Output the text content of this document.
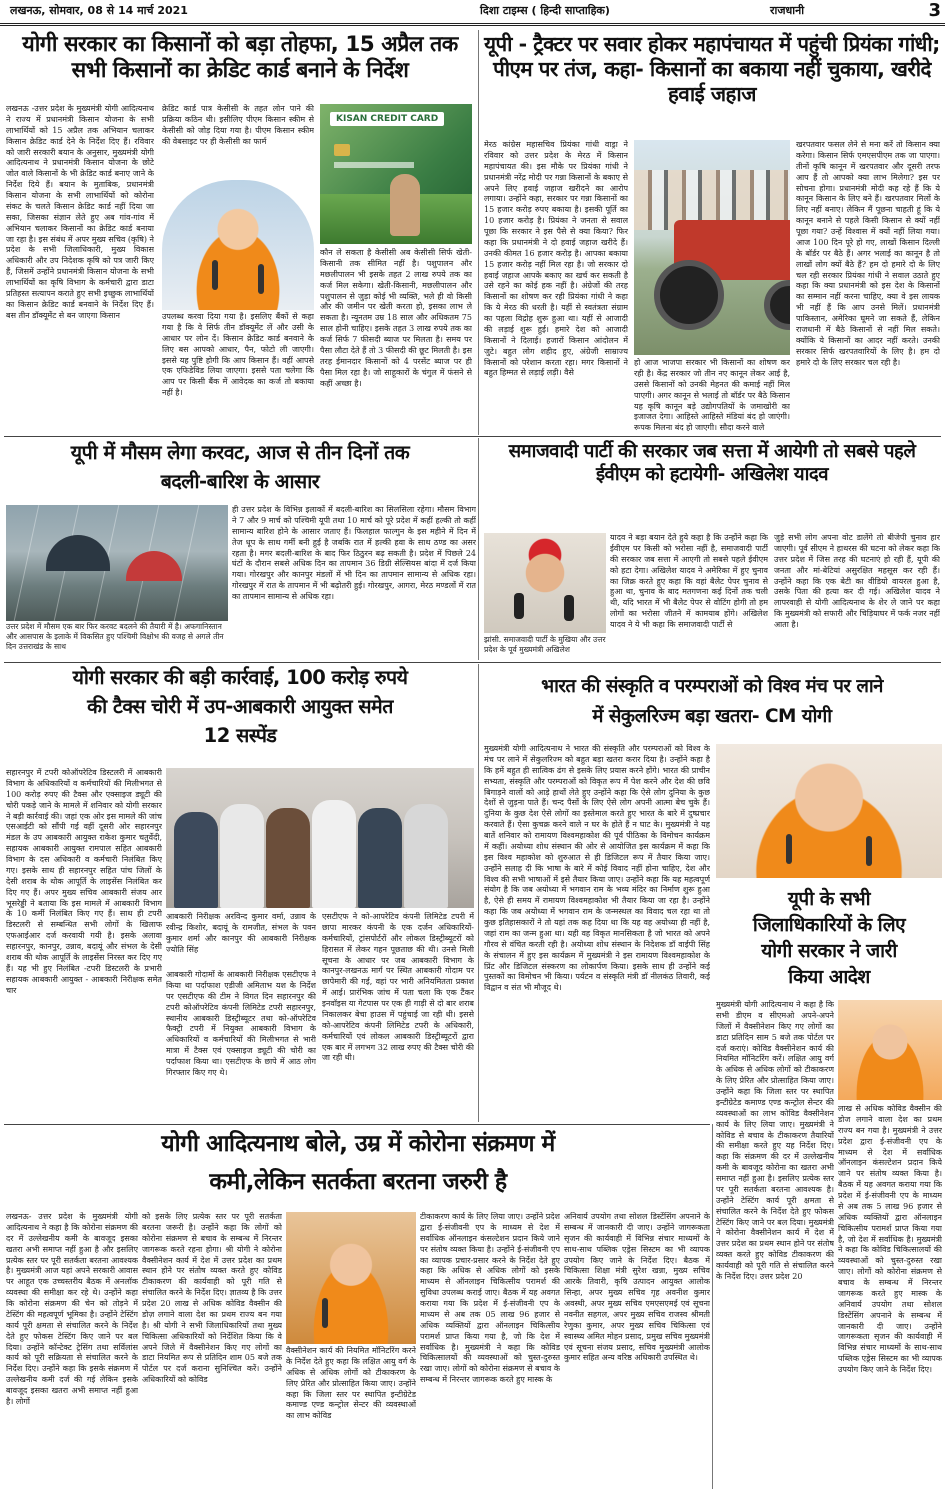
लखनऊ, सोमवार, 08 से 14 मार्च 2021	दिशा टाइम्स ( हिन्दी साप्ताहिक)	राजधानी	3
योगी सरकार का किसानों को बड़ा तोहफा, 15 अप्रैल तक सभी किसानों का क्रेडिट कार्ड बनाने के निर्देश
लखनऊ -उत्तर प्रदेश के मुख्यमंत्री योगी आदित्यनाथ ने राज्य में प्रधानमंत्री किसान योजना के सभी लाभार्थियों को 15 अप्रैल तक अभियान चलाकर किसान क्रेडिट कार्ड देने के निर्देश दिए हैं। रविवार को जारी सरकारी बयान के अनुसार, मुख्यमंत्री योगी आदित्यनाथ ने प्रधानमंत्री किसान योजना के छोटे जोत वाले किसानों के भी क्रेडिट कार्ड बनाए जाने के निर्देश दिये हैं। बयान के मुताबिक, प्रधानमंत्री किसान योजना के सभी लाभार्थियों को कोरोना संकट के चलते किसान क्रेडिट कार्ड नहीं दिया जा सका, जिसका संज्ञान लेते हुए अब गांव-गांव में अभियान चलाकर किसानों का क्रेडिट कार्ड बनाया जा रहा है। इस संबंध में अपर मुख्य सचिव (कृषि) ने प्रदेश के सभी जिलाधिकारी, मुख्य विकास अधिकारी और उप निदेशक कृषि को पत्र जारी किए हैं, जिसमें उन्होंने प्रधानमंत्री किसान योजना के सभी लाभार्थियों का कृषि विभाग के कर्मचारी द्वारा डाटा प्रतिहस्त सत्यापन कराते हुए सभी इच्छुक लाभार्थियों का किसान क्रेडिट कार्ड बनवाने के निर्देश दिए हैं। बस तीन डॉक्यूमेंट से बन जाएगा किसान
क्रेडिट कार्ड पात्र केसीसी के तहत लोन पाने की प्रक्रिया कठिन थी। इसीलिए पीएम किसान स्कीम से केसीसी को जोड़ दिया गया है। पीएम किसान स्कीम की वेबसाइट पर ही केसीसी का फार्म
उपलब्ध करवा दिया गया है। इसलिए बैंकों से कहा गया है कि वे सिर्फ तीन डॉक्यूमेंट लें और उसी के आधार पर लोन दें। किसान क्रेडिट कार्ड बनवाने के लिए बस आपको आधार, पैन, फोटो ली जाएगी। इससे यह पुष्टि होगी कि आप किसान हैं। वहीं आपसे एक एफिडेविड लिया जाएगा। इससे पता चलेगा कि आप पर किसी बैंक में आवेदक का कर्ज तो बकाया नहीं है।
KISAN CREDIT CARD
कौन ले सकता है केसीसी अब केसीसी सिर्फ खेती-किसानी तक सीमित नहीं है। पशुपालन और मछलीपालन भी इसके तहत 2 लाख रुपये तक का कर्ज मिल सकेगा। खेती-किसानी, मछलीपालन और पशुपालन से जुड़ा कोई भी व्यक्ति, भले ही वो किसी और की जमीन पर खेती करता हो, इसका लाभ ले सकता है। न्यूनतम उम्र 18 साल और अधिकतम 75 साल होनी चाहिए। इसके तहत 3 लाख रुपये तक का कर्ज सिर्फ 7 फीसदी ब्याज पर मिलता है। समय पर पैसा लौटा देते हैं तो 3 फीसदी की छूट मिलती है। इस तरह ईमानदार किसानों को 4 परसेंट ब्याज पर ही पैसा मिल रहा है। जो साहूकारों के चंगुल में फंसने से कहीं अच्छा है।
यूपी - ट्रैक्टर पर सवार होकर महापंचायत में पहुंची प्रियंका गांधी; पीएम पर तंज, कहा- किसानों का बकाया नहीं चुकाया, खरीदे हवाई जहाज
मेरठ कांग्रेस महासचिव प्रियंका गांधी वाड्रा ने रविवार को उत्तर प्रदेश के मेरठ में किसान महापंचायत की। इस मौके पर प्रियंका गांधी ने प्रधानमंत्री नरेंद्र मोदी पर गन्ना किसानों के बकाए से अपने लिए हवाई जहाज खरीदने का आरोप लगाया। उन्होंने कहा, सरकार पर गन्ना किसानों का 15 हजार करोड़ रुपए बकाया है। इसकी पूर्ति का 10 हजार करोड़ है। प्रियंका ने जनता से सवाल पूछा कि सरकार ने इस पैसे से क्या किया? फिर कहा कि प्रधानमंत्री ने दो हवाई जहाज खरीदे हैं। उनकी कीमत 16 हजार करोड़ है। आपका बकाया 15 हजार करोड़ नहीं मिल रहा है। जो सरकार दो हवाई जहाज आपके बकाए का खर्च कर सकती है उसे रहने का कोई हक नहीं है। अंग्रेजों की तरह किसानों का शोषण कर रही प्रियंका गांधी ने कहा कि ये मेरठ की धरती है। यहीं से स्वतंत्रता संग्राम का पहला विद्रोह शुरू हुआ था। यहीं से आजादी की लड़ाई शुरू हुई। हमारे देश को आजादी किसानों ने दिलाई। हजारों किसान आंदोलन में जुटे। बहुत लोग शहीद हुए, अंग्रेजी साम्राज्य किसानों को परेशान करता रहा। मगर किसानों ने बहुत हिम्मत से लड़ाई लड़ी। वैसे
हो आज भाजपा सरकार भी किसानों का शोषण कर रही है। केंद्र सरकार जो तीन नए कानून लेकर आई है, उससे किसानों को उनकी मेहनत की कमाई नहीं मिल पाएगी। अगर कानून से भलाई तो बॉर्डर पर बैठे किसान यह कृषि कानून बड़े उद्योगपतियों के जमाखोरी का इजाजत देगा। आहिस्ते आहिस्ते मंडियां बंद हो जाएंगी। रूपक मिलना बंद हो जाएगी। सौदा करने वाले
खरपतवार फसल लेने से मना करें तो किसान क्या करेगा। किसान सिर्फ एमएसपीएम तक जा पाएगा। तीनों कृषि कानून में खरपतवार और दूसरी तरफ आप हैं तो आपको क्या लाभ मिलेगा? इस पर सोचना होगा। प्रधानमंत्री मोदी कह रहे हैं कि ये कानून किसान के लिए बने हैं। खरपतवार मिलों के लिए नहीं बनाए। लेकिन मैं पूछना चाहती हूं कि ये कानून बनाने से पहले किसी किसान से क्यों नहीं पूछा गया? उन्हें विश्वास में क्यों नहीं लिया गया। आज 100 दिन पूरे हो गए, लाखों किसान दिल्ली के बॉर्डर पर बैठे हैं। अगर भलाई का कानून है तो लाखों लोग क्यों बैठे हैं? हम दो हमारे दो के लिए चल रही सरकार प्रियंका गांधी ने सवाल उठाते हुए कहा कि क्या प्रधानमंत्री को इस देश के किसानों का सम्मान नहीं करना चाहिए, क्या वे इस लायक भी नहीं हैं कि आप उनसे मिलें। प्रधानमंत्री पाकिस्तान, अमेरिका घूमने जा सकते हैं, लेकिन राजधानी में बैठे किसानों से नहीं मिल सकते। क्योंकि ये किसानों का आदर नहीं करते। उनकी सरकार सिर्फ खरपतवारियों के लिए है। हम दो हमारे दो के लिए सरकार चल रही है।
यूपी में मौसम लेगा करवट, आज से तीन दिनों तक
बदली-बारिश के आसार
उत्तर प्रदेश में मौसम एक बार फिर करवट बदलने की तैयारी में है। अफगानिस्तान और आसपास के इलाके में विकसित हुए पश्चिमी विक्षोभ की वजह से अगले तीन दिन उत्तराखंड के साथ
ही उत्तर प्रदेश के विभिन्न इलाकों में बदली-बारिश का सिलसिला रहेगा। मौसम विभाग ने 7 और 9 मार्च को पश्चिमी यूपी तथा 10 मार्च को पूरे प्रदेश में कहीं हल्की तो कहीं सामान्य बारिश होने के आसार जताए हैं। फिलहाल फाल्गुन के इस महीने में दिन में तेज धूप के साथ गर्मी बनी हुई है जबकि रात में हल्की हवा के साथ ठण्ड का असर रहता है। मगर बदली-बारिश के बाद फिर ठिठुरन बढ़ सकती है। प्रदेश में पिछले 24 घंटों के दौरान सबसे अधिक दिन का तापमान 36 डिग्री सेल्सियस बांदा में दर्ज किया गया। गोरखपुर और कानपुर मंडलों में भी दिन का तापमान सामान्य से अधिक रहा। गोरखपुर में रात के तापमान में भी बढ़ोतरी हुई। गोरखपुर, आगरा, मेरठ मण्डलों में रात का तापमान सामान्य से अधिक रहा।
समाजवादी पार्टी की सरकार जब सत्ता में आयेगी तो सबसे पहले ईवीएम को हटायेगी- अखिलेश यादव
झांसी. समाजवादी पार्टी के मुखिया और उत्तर प्रदेश के पूर्व मुख्यमंत्री अखिलेश
यादव ने बड़ा बयान देते हुये कहा है कि उन्होंने कहा कि ईवीएम पर किसी को भरोसा नहीं है, समाजवादी पार्टी की सरकार जब सत्ता में आएगी तो सबसे पहले ईवीएम को हटा देगा। अखिलेश यादव ने अमेरिका में हुए चुनाव का जिक्र करते हुए कहा कि वहां बैलेट पेपर चुनाव से हुआ था, चुनाव के बाद मतगणना कई दिनों तक चली थी, यदि भारत में भी बैलेट पेपर से वोटिंग होगी तो हम लोगों का भरोसा जीतने में कामयाब होंगे। अखिलेश यादव ने ये भी कहा कि समाजवादी पार्टी से
जुड़े सभी लोग अपना वोट डालेंगे तो बीजेपी चुनाव हार जाएगी। पूर्व सीएम ने हाथरस की घटना को लेकर कहा कि उत्तर प्रदेश में जिस तरह की घटनाएं हो रही हैं, यूपी की जनता और मां-बेटियां असुरक्षित महसूस कर रही हैं। उन्होंने कहा कि एक बेटी का वीडियो वायरल हुआ है, उसके पिता की हत्या कर दी गई। अखिलेश यादव ने लापरवाही से योगी आदित्यनाथ के शेर ले जाने पर कहा कि मुख्यमंत्री को सफारी और चिड़ियाघर में फर्क नजर नहीं आता है।
योगी सरकार की बड़ी कार्रवाई, 100 करोड़ रुपये
की टैक्स चोरी में उप-आबकारी आयुक्त समेत
12 सस्पेंड
सहारनपुर में टपरी कोऑपरेटिव डिस्टलरी में आबकारी विभाग के अधिकारियों व कर्मचारियों की मिलीभगत से 100 करोड़ रुपए की टैक्स और एक्साइज ड्यूटी की चोरी पकड़े जाने के मामले में शनिवार को योगी सरकार ने बड़ी कार्रवाई की। जहां एक ओर इस मामले की जांच एसआईटी को सौंपी गई वहीं दूसरी ओर सहारनपुर मंडल के उप आबकारी आयुक्त राकेश कुमार चतुर्वेदी, सहायक आबकारी आयुक्त रामपाल सहित आबकारी विभाग के दस अधिकारी व कर्मचारी निलंबित किए गए। इसके साथ ही सहारनपुर सहित पांच जिलों के देसी शराब के थोक आपूर्ति के लाइसेंस निलंबित कर दिए गए हैं। अपर मुख्य सचिव आबकारी संजय आर भूसरेड्डी ने बताया कि इस मामले में आबकारी विभाग के 10 कर्मी निलंबित किए गए हैं। साथ ही टपरी डिस्टलरी से सम्बन्धित सभी लोगों के खिलाफ एफआईआर दर्ज करवायी गयी है। इसके अलावा सहारनपुर, कानपुर, उन्नाव, बदायूं और संभल के देसी शराब की थोक आपूर्ति के लाइसेंस निरस्त कर दिए गए हैं। यह भी हुए निलंबित -टपरी डिस्टलरी के प्रभारी सहायक आबकारी आयुक्त - आबकारी निरीक्षक समेत चार
आबकारी निरीक्षक अरविन्द कुमार वर्मा, उन्नाव के रवीन्द्र किशोर, बदायूं के रामजीत, संभल के पवन कुमार शर्मा और कानपुर की आबकारी निरीक्षक ज्योति सिंह
आबकारी गोदामों के आबकारी निरीक्षक एसटीएफ ने किया था पर्दाफाश एडीजी अमिताभ यश के निर्देश पर एसटीएफ की टीम ने विगत दिन सहारनपुर की टपरी कोऑपरेटिव कंपनी लिमिटेड टपरी सहारनपुर, स्थानीय आबकारी डिस्ट्रीब्यूटर तथा को-ऑपरेटिव फैक्ट्री टपरी में नियुक्त आबकारी विभाग के अधिकारियों व कर्मचारियों की मिलीभगत से भारी मात्रा में टैक्स एवं एक्साइज ड्यूटी की चोरी का पर्दाफाश किया था। एसटीएफ के छापे में आठ लोग गिरफ्तार किए गए थे।
एसटीएफ ने को-आपरेटिव कंपनी लिमिटेड टपरी में छापा मारकर कंपनी के एक दर्जन अधिकारियों-कर्मचारियों, ट्रांसपोर्टरों और लोकल डिस्ट्रीब्यूटरों को हिरासत में लेकर गहन पूछताछ की थी। उनसे मिली सूचना के आधार पर जब आबकारी विभाग के कानपुर-लखनऊ मार्ग पर स्थित आबकारी गोदाम पर छापेमारी की गई, वहां पर भारी अनियमितता प्रकाश में आई। प्रारंभिक जांच में पता चला कि एक टैंकर इनवॉइस या गेटपास पर एक ही गाड़ी से दो बार शराब निकालकर बेचा हाउस में पहुंचाई जा रही थी। इससे को-आपरेटिव कंपनी लिमिटेड टपरी के अधिकारी, कर्मचारियों एवं लोकल आबकारी डिस्ट्रीब्यूटरों द्वारा एक बार में लगभग 32 लाख रुपए की टैक्स चोरी की जा रही थी।
भारत की संस्कृति व परम्पराओं को विश्व मंच पर लाने
में सेकुलरिज्म बड़ा खतरा- CM योगी
मुख्यमंत्री योगी आदित्यनाथ ने भारत की संस्कृति और परम्पराओं को विश्व के मंच पर लाने में सेकुलरिज्म को बहुत बड़ा खतरा करार दिया है। उन्होंने कहा है कि हमें बहुत ही सात्विक ढंग से इसके लिए प्रयास करने होंगे। भारत की प्राचीन सभ्यता, संस्कृति और परम्पराओं को विकृत रूप में पेश करने और देश की छवि बिगाड़ने वालों को आड़े हाथों लेते हुए उन्होंने कहा कि ऐसे लोग दुनिया के कुछ देशों से जुड़ना पाते हैं। चन्द पैसों के लिए ऐसे लोग अपनी आत्मा बेच चुके हैं। दुनिया के कुछ देश ऐसे लोगों का इस्तेमाल करते हुए भारत के बारे में दुष्प्रचार करवाते हैं। ऐसा कुचक्र करने वाले न घर के होते हैं न घाट के। मुख्यमंत्री ने यह बातें शनिवार को रामायण विश्वमहाकोश की पूर्व पीठिका के विमोचन कार्यक्रम में कहीं। अयोध्या शोध संस्थान की ओर से आयोजित इस कार्यक्रम में कहा कि इस विश्व महाकोश को शुरुआत से ही डिजिटल रूप में तैयार किया जाए। उन्होंने सलाह दी कि भाषा के बारे में कोई विवाद नहीं होना चाहिए, देश और विश्व की सभी भाषाओं में इसे तैयार किया जाए। उन्होंने कहा कि यह महत्वपूर्ण संयोग है कि जब अयोध्या में भगवान राम के भव्य मंदिर का निर्माण शुरू हुआ है, ऐसे ही समय में रामायण विश्वमहाकोश भी तैयार किया जा रहा है। उन्होंने कहा कि जब अयोध्या में भगवान राम के जन्मस्थल का विवाद चल रहा था तो कुछ इतिहासकारों ने तो यहां तक कह दिया था कि यह वह अयोध्या ही नहीं है, जहां राम का जन्म हुआ था। यही वह विकृत मानसिकता है जो भारत को अपने गौरव से वंचित करती रही है। अयोध्या शोध संस्थान के निदेशक डॉ वाईपी सिंह के संचालन में हुए इस कार्यक्रम में मुख्यमंत्री ने इस रामायण विश्वमहाकोश के प्रिंट और डिजिटल संस्करण का लोकार्पण किया। इसके साथ ही उन्होंने कई पुस्तकों का विमोचन भी किया। पर्यटन व संस्कृति मंत्री डॉ नीलकंठ तिवारी, कई विद्वान व संत भी मौजूद थे।
यूपी के सभी
जिलाधिकारियों के लिए
योगी सरकार ने जारी
किया आदेश
मुख्यमंत्री योगी आदित्यनाथ ने कहा है कि सभी डीएम व सीएमओ अपने-अपने जिलों में वैक्सीनेशन किए गए लोगों का डाटा प्रतिदिन साम 5 बजे तक पोर्टल पर दर्ज कराएं। कोविड वैक्सीनेशन कार्य की नियमित मॉनिटरिंग करें। लक्षित आयु वर्ग के अधिक से अधिक लोगों को टीकाकरण के लिए प्रेरित और प्रोत्साहित किया जाए। उन्होंने कहा कि जिला स्तर पर स्थापित इन्टीग्रेटेड कमाण्ड एण्ड कन्ट्रोल सेन्टर की व्यवस्थाओं का लाभ कोविड वैक्सीनेशन कार्य के लिए लिया जाए। मुख्यमंत्री ने कोविड से बचाव के टीकाकरण तैयारियों की समीक्षा करते हुए यह निर्देश दिए। कहा कि संक्रमण की दर में उल्लेखनीय कमी के बावजूद कोरोना का खतरा अभी समाप्त नहीं हुआ है। इसलिए प्रत्येक स्तर पर पूरी सतर्कता बरतना आवश्यक है। उन्होंने टेस्टिंग कार्य पूरी क्षमता से संचालित करने के निर्देश देते हुए फोकस टेस्टिंग किए जाने पर बल दिया। मुख्यमंत्री ने कोरोना वैक्सीनेशन कार्य में देश में उत्तर प्रदेश का प्रथम स्थान होने पर संतोष व्यक्त करते हुए कोविड टीकाकरण की कार्यवाही को पूरी गति से संचालित करने के निर्देश दिए। उत्तर प्रदेश 20
लाख से अधिक कोविड वैक्सीन की डोज लगाने वाला देश का प्रथम राज्य बन गया है। मुख्यमंत्री ने उत्तर प्रदेश द्वारा ई-संजीवनी एप के माध्यम से देश में सर्वाधिक ऑनलाइन कंसल्टेशन प्रदान किये जाने पर संतोष व्यक्त किया है। बैठक में यह अवगत कराया गया कि प्रदेश में ई-संजीवनी एप के माध्यम से अब तक 5 लाख 96 हजार से अधिक व्यक्तियों द्वारा ऑनलाइन चिकित्सीय परामर्श प्राप्त किया गया है, जो देश में सर्वाधिक है। मुख्यमंत्री ने कहा कि कोविड चिकित्सालयों की व्यवस्थाओं को चुस्त-दुरुस्त रखा जाए। लोगों को कोरोना संक्रमण से बचाव के सम्बन्ध में निरन्तर जागरूक करते हुए मास्क के अनिवार्य उपयोग तथा सोशल डिस्टेंसिंग अपनाने के सम्बन्ध में जानकारी दी जाए। उन्होंने जागरूकता सृजन की कार्यवाही में विभिन्न संचार माध्यमों के साथ-साथ पब्लिक एड्रेस सिस्टम का भी व्यापक उपयोग किए जाने के निर्देश दिए।
योगी आदित्यनाथ बोले, उम्र में कोरोना संक्रमण में
कमी,लेकिन सतर्कता बरतना जरुरी है
लखनऊ- उत्तर प्रदेश के मुख्यमंत्री योगी आदित्यनाथ ने कहा है कि कोरोना संक्रमण की दर में उल्लेखनीय कमी के बावजूद इसका खतरा अभी समाप्त नहीं हुआ है और इसलिए प्रत्येक स्तर पर पूरी सतर्कता बरतना आवश्यक है। मुख्यमंत्री आज यहां अपने सरकारी आवास पर आहूत एक उच्चस्तरीय बैठक में अनलॉक व्यवस्था की समीक्षा कर रहे थे। उन्होंने कहा कि कोरोना संक्रमण की चेन को तोड़ने में टेस्टिंग की महत्वपूर्ण भूमिका है। उन्होंने टेस्टिंग कार्य पूरी क्षमता से संचालित करने के निर्देश देते हुए फोकस टेस्टिंग किए जाने पर बल दिया। उन्होंने कॉन्टेक्ट ट्रेसिंग तथा सर्विलांस कार्य को पूरी सक्रियता से संचालित करने के निर्देश दिए। उन्होंने कहा कि इसके संक्रमण में उल्लेखनीय कमी दर्ज की गई लेकिन इसके बावजूद इसका खतरा अभी समाप्त नहीं हुआ है। लोगों
को इसके लिए प्रत्येक स्तर पर पूरी सतर्कता बरतना जरूरी है। उन्होंने कहा कि लोगों को कोरोना संक्रमण से बचाव के सम्बन्ध में निरन्तर जागरूक करते रहना होगा। श्री योगी ने कोरोना वैक्सीनेशन कार्य में देश में उत्तर प्रदेश का प्रथम स्थान होने पर संतोष व्यक्त करते हुए कोविड टीकाकरण की कार्यवाही को पूरी गति से संचालित करने के निर्देश दिए। ज्ञातव्य है कि उत्तर प्रदेश 20 लाख से अधिक कोविड वैक्सीन की डोज़ लगाने वाला देश का प्रथम राज्य बन गया है। श्री योगी ने सभी जिलाधिकारियों तथा मुख्य चिकित्सा अधिकारियों को निर्देशित किया कि वे अपने जिले में वैक्सीनेशन किए गए लोगों का डाटा नियमित रूप से प्रतिदिन शाम 05 बजे तक पोर्टल पर दर्ज कराना सुनिश्चित करें। उन्होंने अधिकारियों को कोविड
वैक्सीनेशन कार्य की नियमित मॉनिटरिंग करने के निर्देश देते हुए कहा कि लक्षित आयु वर्ग के अधिक से अधिक लोगों को टीकाकरण के लिए प्रेरित और प्रोत्साहित किया जाए। उन्होंने कहा कि जिला स्तर पर स्थापित इन्टीग्रेटेड कमाण्ड एण्ड कन्ट्रोल सेन्टर की व्यवस्थाओं का लाभ कोविड
टीकाकरण कार्य के लिए लिया जाए। उन्होंने प्रदेश द्वारा ई-संजीवनी एप के माध्यम से देश में सर्वाधिक ऑनलाइन कंसल्टेशन प्रदान किये जाने पर संतोष व्यक्त किया है। उन्होंने ई-संजीवनी एप का व्यापक प्रचार-प्रसार करने के निर्देश देते हुए कहा कि अधिक से अधिक लोगों को इसके माध्यम से ऑनलाइन चिकित्सीय परामर्श की सुविधा उपलब्ध कराई जाए। बैठक में यह अवगत कराया गया कि प्रदेश में ई-संजीवनी एप के माध्यम से अब तक 05 लाख 96 हजार से अधिक व्यक्तियों द्वारा ऑनलाइन चिकित्सीय परामर्श प्राप्त किया गया है, जो कि देश में सर्वाधिक है। मुख्यमंत्री ने कहा कि कोविड चिकित्सालयों की व्यवस्थाओं को चुस्त-दुरुस्त रखा जाए। लोगों को कोरोना संक्रमण से बचाव के सम्बन्ध में निरन्तर जागरूक करते हुए मास्क के
अनिवार्य उपयोग तथा सोशल डिस्टेंसिंग अपनाने के सम्बन्ध में जानकारी दी जाए। उन्होंने जागरूकता सृजन की कार्यवाही में विभिन्न संचार माध्यमों के साथ-साथ पब्लिक एड्रेस सिस्टम का भी व्यापक उपयोग किए जाने के निर्देश दिए। बैठक में चिकित्सा शिक्षा मंत्री सुरेश खन्ना, मुख्य सचिव आरके तिवारी, कृषि उत्पादन आयुक्त आलोक सिन्हा, अपर मुख्य सचिव गृह अवनीश कुमार अवस्थी, अपर मुख्य सचिव एमएसएमई एवं सूचना नवनीत सहगल, अपर मुख्य सचिव राजस्व श्रीमती रेणुका कुमार, अपर मुख्य सचिव चिकित्सा एवं स्वास्थ्य अमित मोहन प्रसाद, प्रमुख सचिव मुख्यमंत्री एवं सूचना संजय प्रसाद, सचिव मुख्यमंत्री आलोक कुमार सहित अन्य वरिष्ठ अधिकारी उपस्थित थे।
